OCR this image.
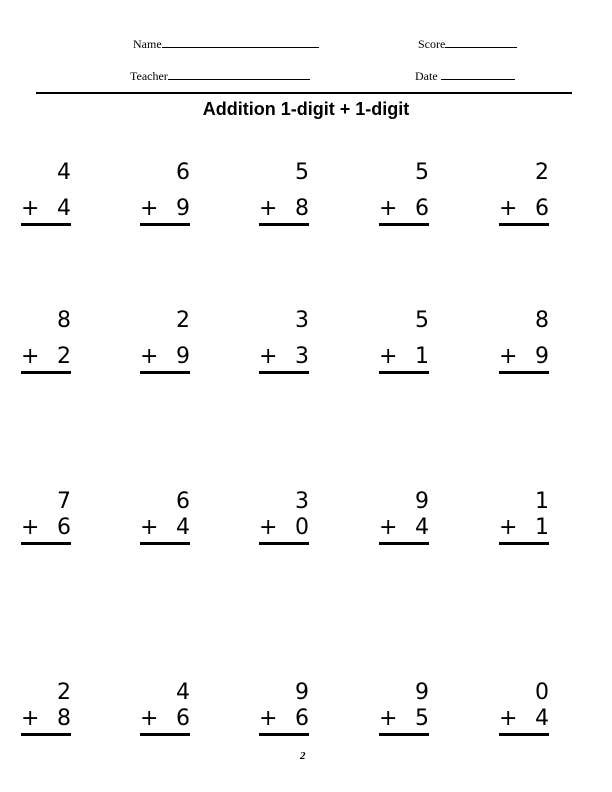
Name	Score
Teacher	Date
Addition 1-digit + 1-digit
4
+ 4
6
+ 9
5
+ 8
5
+ 6
2
+ 6
8
+ 2
2
+ 9
3
+ 3
5
+ 1
8
+ 9
7
+ 6
6
+ 4
3
+ 0
9
+ 4
1
+ 1
2
+ 8
4
+ 6
9
+ 6
9
+ 5
0
+ 4
2
